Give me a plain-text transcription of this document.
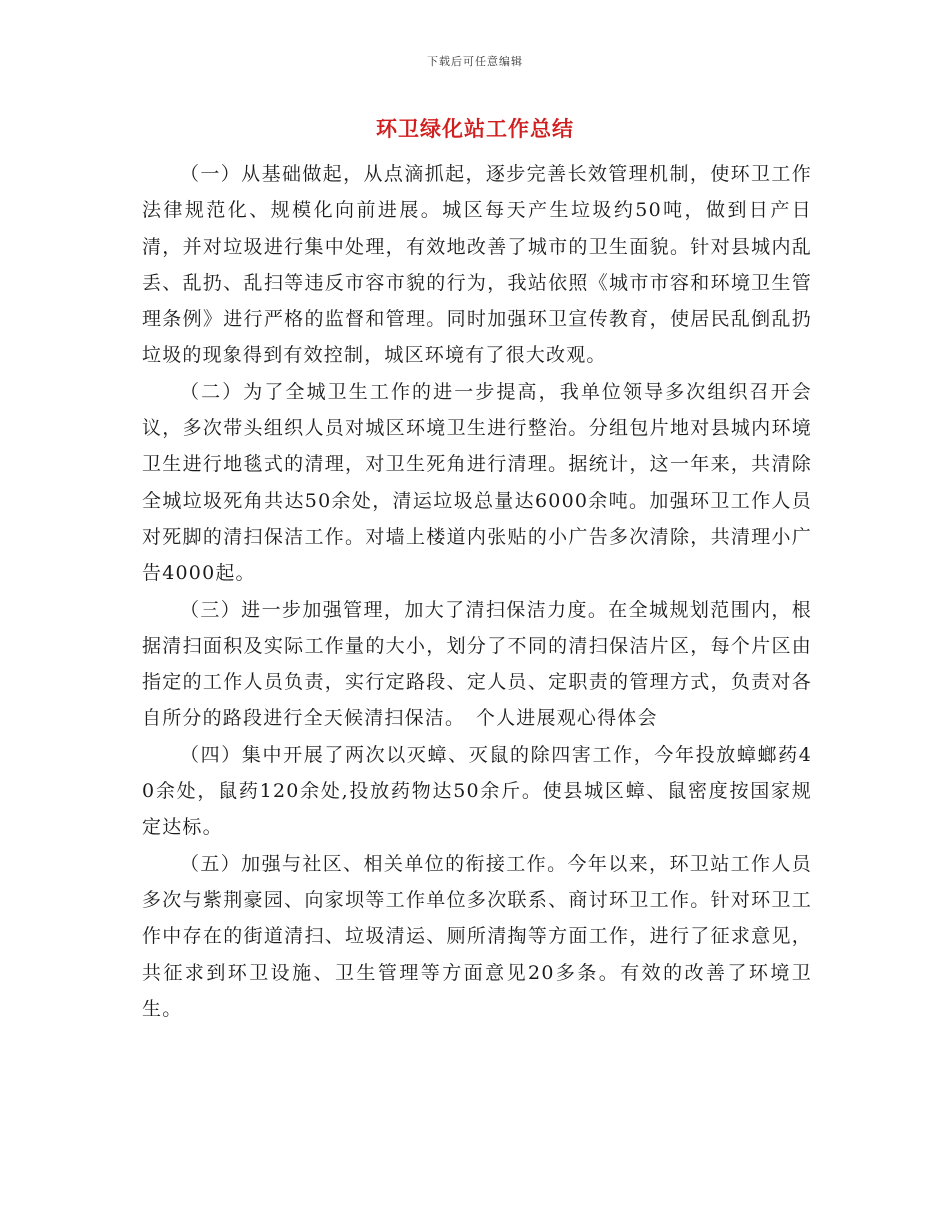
下载后可任意编辑
环卫绿化站工作总结

（一）从基础做起，从点滴抓起，逐步完善长效管理机制，使环卫工作法律规范化、规模化向前进展。城区每天产生垃圾约50吨，做到日产日清，并对垃圾进行集中处理，有效地改善了城市的卫生面貌。针对县城内乱丢、乱扔、乱扫等违反市容市貌的行为，我站依照《城市市容和环境卫生管理条例》进行严格的监督和管理。同时加强环卫宣传教育，使居民乱倒乱扔垃圾的现象得到有效控制，城区环境有了很大改观。

（二）为了全城卫生工作的进一步提高，我单位领导多次组织召开会议，多次带头组织人员对城区环境卫生进行整治。分组包片地对县城内环境卫生进行地毯式的清理，对卫生死角进行清理。据统计，这一年来，共清除全城垃圾死角共达50余处，清运垃圾总量达6000余吨。加强环卫工作人员对死脚的清扫保洁工作。对墙上楼道内张贴的小广告多次清除，共清理小广告4000起。

（三）进一步加强管理，加大了清扫保洁力度。在全城规划范围内，根据清扫面积及实际工作量的大小，划分了不同的清扫保洁片区，每个片区由指定的工作人员负责，实行定路段、定人员、定职责的管理方式，负责对各自所分的路段进行全天候清扫保洁。　个人进展观心得体会

（四）集中开展了两次以灭蟑、灭鼠的除四害工作，今年投放蟑螂药40余处，鼠药120余处,投放药物达50余斤。使县城区蟑、鼠密度按国家规定达标。

（五）加强与社区、相关单位的衔接工作。今年以来，环卫站工作人员多次与紫荆豪园、向家坝等工作单位多次联系、商讨环卫工作。针对环卫工作中存在的街道清扫、垃圾清运、厕所清掏等方面工作，进行了征求意见，共征求到环卫设施、卫生管理等方面意见20多条。有效的改善了环境卫生。
